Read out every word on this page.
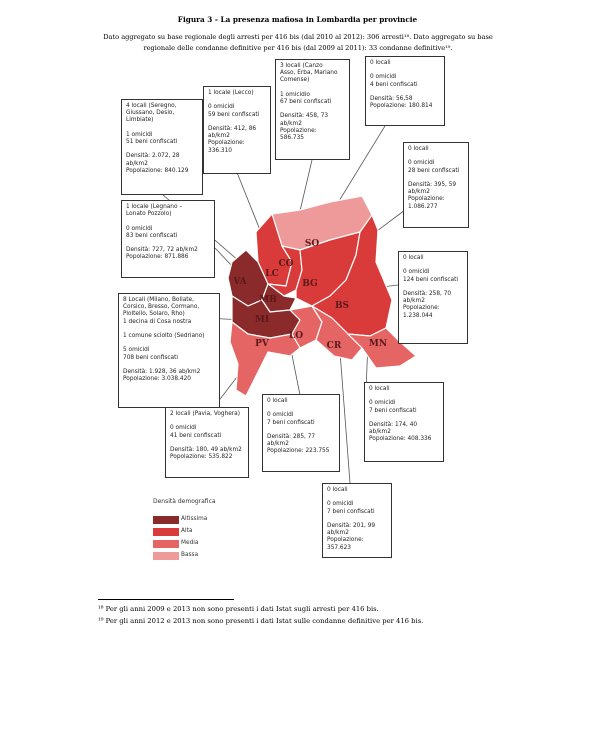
Figura 3 - La presenza mafiosa in Lombardia per provincie
Dato aggregato su base regionale degli arresti per 416 bis (dal 2010 al 2012): 306 arresti¹⁸. Dato aggregato su base regionale delle condanne definitive per 416 bis (dal 2009 al 2011): 33 condanne definitive¹⁹.
SO
CO
LC
BG
BS
VA
MB
MI
LO
CR	MN
PV
4 locali (Seregno,
Giussano, Desio,
Limbiate)

1 omicidi
51 beni confiscati

Densità: 2.072, 28
ab/km2
Popolazione: 840.129
1 locale (Lecco)

0 omicidi
59 beni confiscati

Densità: 412, 86
ab/km2
Popolazione:
336.310
3 locali (Canzo
Asso, Erba, Mariano
Comense)

1 omicidio
67 beni confiscati

Densità: 458, 73
ab/km2
Popolazione:
586.735
0 locali

0 omicidi
4 beni confiscati

Densità: 56,58
Popolazione: 180.814
0 locali

0 omicidi
28 beni confiscati

Densità: 395, 59
ab/km2
Popolazione:
1.086.277
1 locale (Legnano –
Lonato Pozzolo)

0 omicidi
83 beni confiscati

Densità: 727, 72 ab/km2
Popolazione: 871.886	0 locali

0 omicidi
124 beni confiscati

Densità: 258, 70
ab/km2
Popolazione:
1.238.044
8 Locali (Milano, Bollate,
Corsico, Bresso, Cormano,
Pioltello, Solaro, Rho)
1 decina di Cosa nostra

1 comune sciolto (Sedriano)

5 omicidi
708 beni confiscati

Densità: 1.928, 36 ab/km2
Popolazione: 3.038.420
0 locali

0 omicidi
7 beni confiscati

Densità: 174, 40
ab/km2
Popolazione: 408.336
2 locali (Pavia, Voghera)

0 omicidi
41 beni confiscati

Densità: 180, 49 ab/km2
Popolazione: 535.822
0 locali

0 omicidi
7 beni confiscati

Densità: 285, 77
ab/km2
Popolazione: 223.755
0 locali

0 omicidi
7 beni confiscati

Densità: 201, 99
ab/km2
Popolazione: 357.623
Densità demografica
Altissima
Alta
Media
Bassa
¹⁸ Per gli anni 2009 e 2013 non sono presenti i dati Istat sugli arresti per 416 bis.
¹⁹ Per gli anni 2012 e 2013 non sono presenti i dati Istat sulle condanne definitive per 416 bis.
